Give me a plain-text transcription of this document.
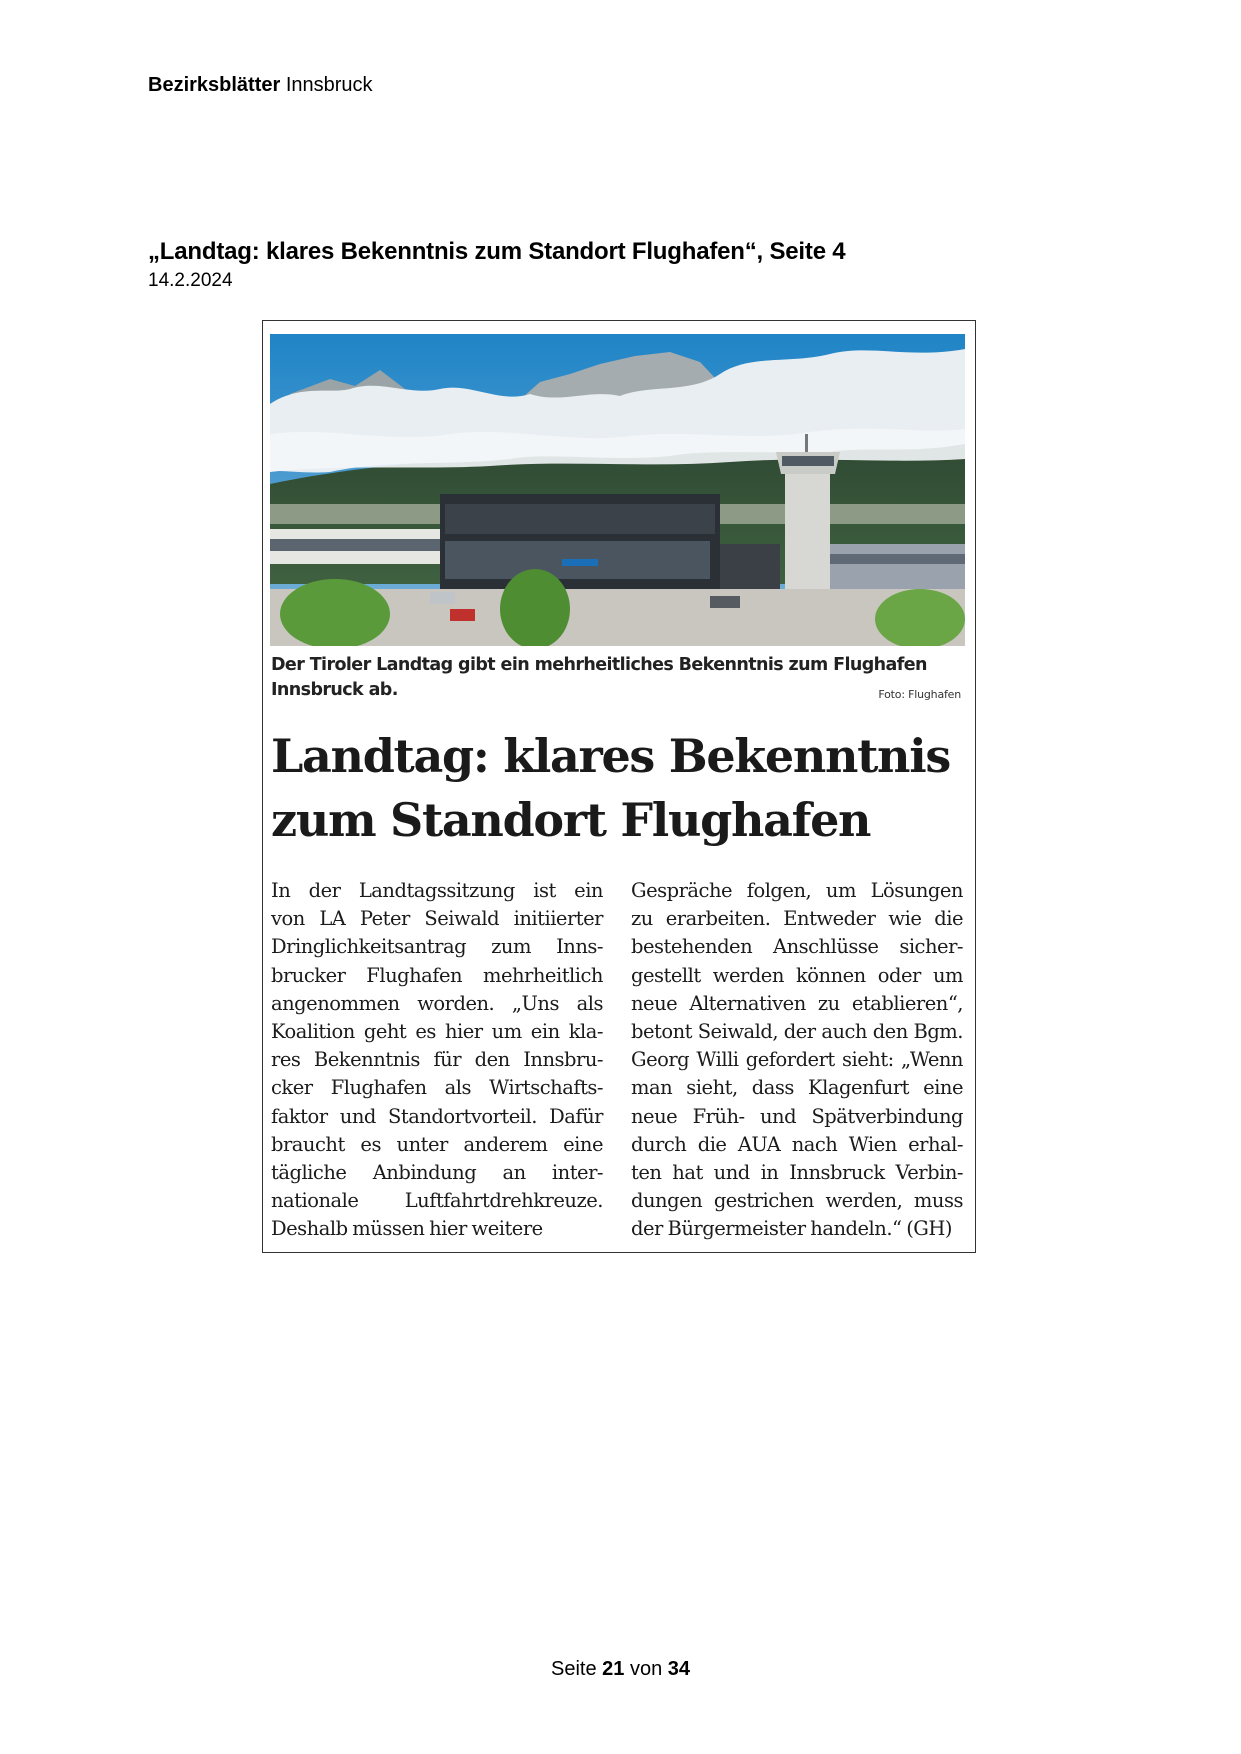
Bezirksblätter Innsbruck
„Landtag: klares Bekenntnis zum Standort Flughafen“, Seite 4
14.2.2024
Der Tiroler Landtag gibt ein mehrheitliches Bekenntnis zum Flughafen Innsbruck ab.	Foto: Flughafen
Landtag: klares Bekenntnis
zum Standort Flughafen
In der Landtagssitzung ist ein
von LA Peter Seiwald initiierter
Dringlichkeitsantrag zum Inns-
brucker Flughafen mehrheitlich
angenommen worden. „Uns als
Koalition geht es hier um ein kla-
res Bekenntnis für den Innsbru-
cker Flughafen als Wirtschafts-
faktor und Standortvorteil. Dafür
braucht es unter anderem eine
tägliche Anbindung an inter-
nationale Luftfahrtdrehkreuze.
Deshalb müssen hier weitere
Gespräche folgen, um Lösungen
zu erarbeiten. Entweder wie die
bestehenden Anschlüsse sicher-
gestellt werden können oder um
neue Alternativen zu etablieren“,
betont Seiwald, der auch den Bgm.
Georg Willi gefordert sieht: „Wenn
man sieht, dass Klagenfurt eine
neue Früh- und Spätverbindung
durch die AUA nach Wien erhal-
ten hat und in Innsbruck Verbin-
dungen gestrichen werden, muss
der Bürgermeister handeln.“ (GH)
Seite 21 von 34
